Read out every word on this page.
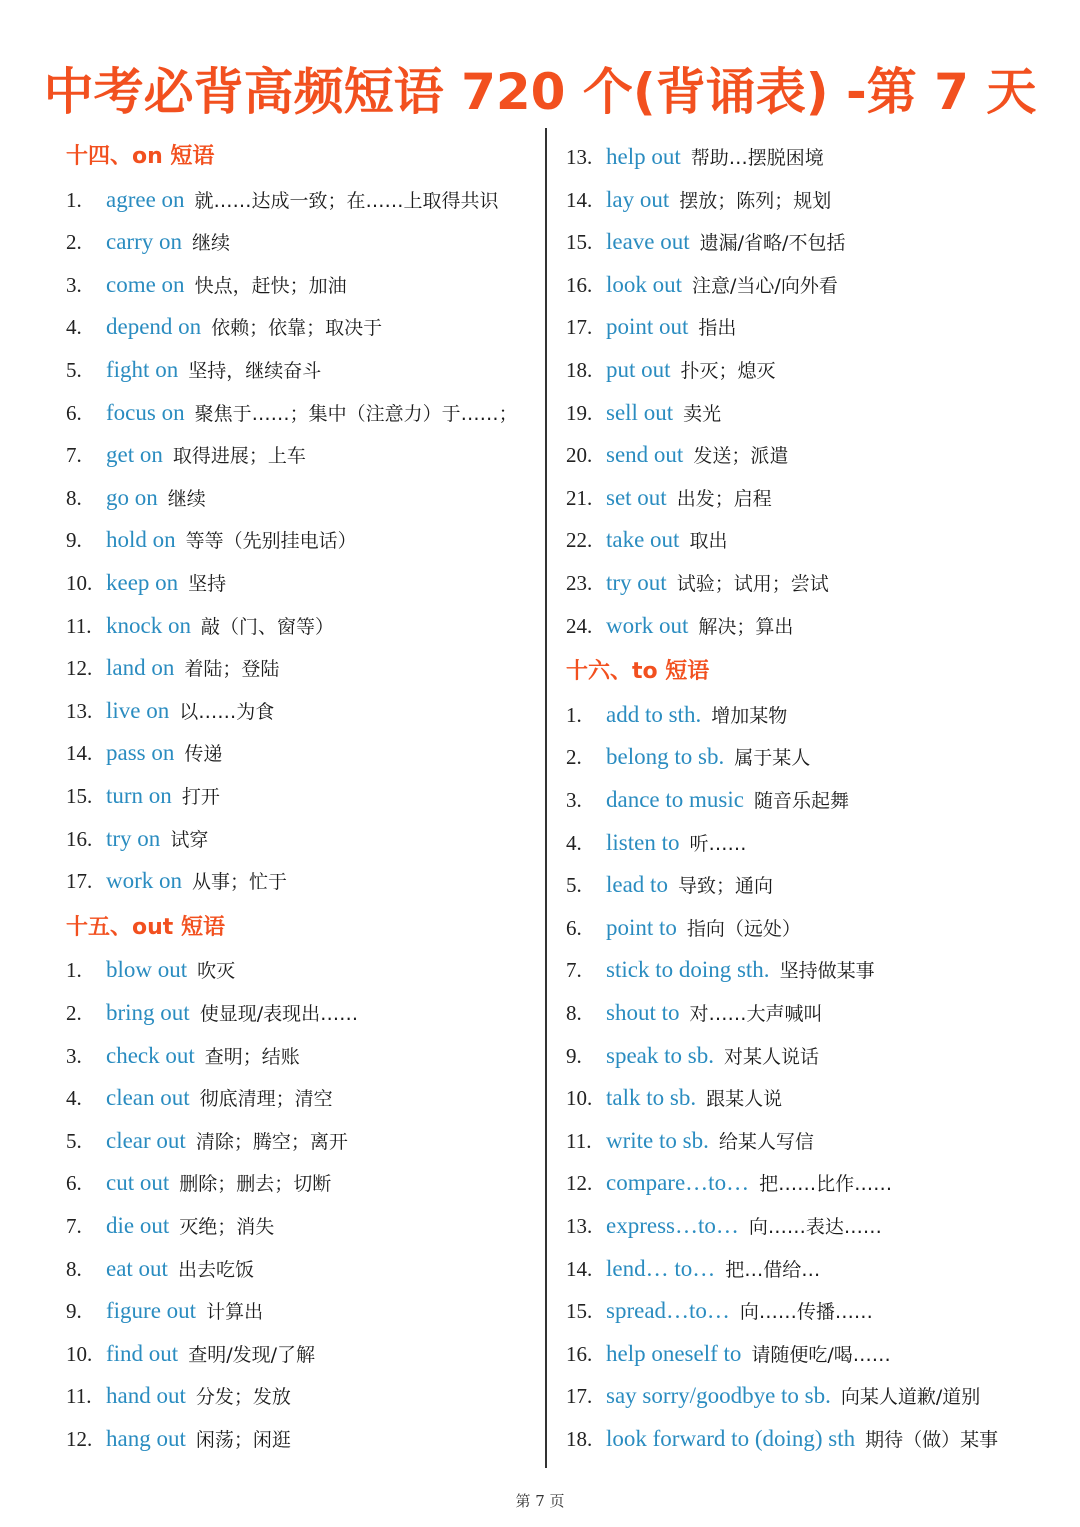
中考必背高频短语 720 个(背诵表) -第 7 天
十四、on 短语
1.	agree on 就……达成一致；在……上取得共识
2.	carry on 继续
3.	come on 快点，赶快；加油
4.	depend on 依赖；依靠；取决于
5.	fight on 坚持，继续奋斗
6.	focus on 聚焦于……；集中（注意力）于……；
7.	get on 取得进展；上车
8.	go on 继续
9.	hold on 等等（先别挂电话）
10. keep on 坚持
11. knock on 敲（门、窗等）
12. land on 着陆；登陆
13. live on 以……为食
14. pass on 传递
15. turn on 打开
16. try on 试穿
17. work on 从事；忙于
十五、out 短语
1.	blow out 吹灭
2.	bring out 使显现/表现出……
3.	check out 查明；结账
4.	clean out 彻底清理；清空
5.	clear out 清除；腾空；离开
6.	cut out 删除；删去；切断
7.	die out 灭绝；消失
8.	eat out 出去吃饭
9.	figure out 计算出
10. find out 查明/发现/了解
11. hand out 分发；发放
12. hang out 闲荡；闲逛
13. help out 帮助…摆脱困境
14. lay out 摆放；陈列；规划
15. leave out 遗漏/省略/不包括
16. look out 注意/当心/向外看
17. point out 指出
18. put out 扑灭；熄灭
19. sell out 卖光
20. send out 发送；派遣
21. set out 出发；启程
22. take out 取出
23. try out 试验；试用；尝试
24. work out 解决；算出
十六、to 短语
1.	add to sth. 增加某物
2.	belong to sb. 属于某人
3.	dance to music 随音乐起舞
4.	listen to 听……
5.	lead to 导致；通向
6.	point to 指向（远处）
7.	stick to doing sth. 坚持做某事
8.	shout to 对……大声喊叫
9.	speak to sb. 对某人说话
10. talk to sb. 跟某人说
11. write to sb. 给某人写信
12. compare…to… 把……比作……
13. express…to… 向……表达……
14. lend… to… 把…借给…
15. spread…to… 向……传播……
16. help oneself to 请随便吃/喝……
17. say sorry/goodbye to sb. 向某人道歉/道别
18. look forward to (doing) sth 期待（做）某事
第 7 页
